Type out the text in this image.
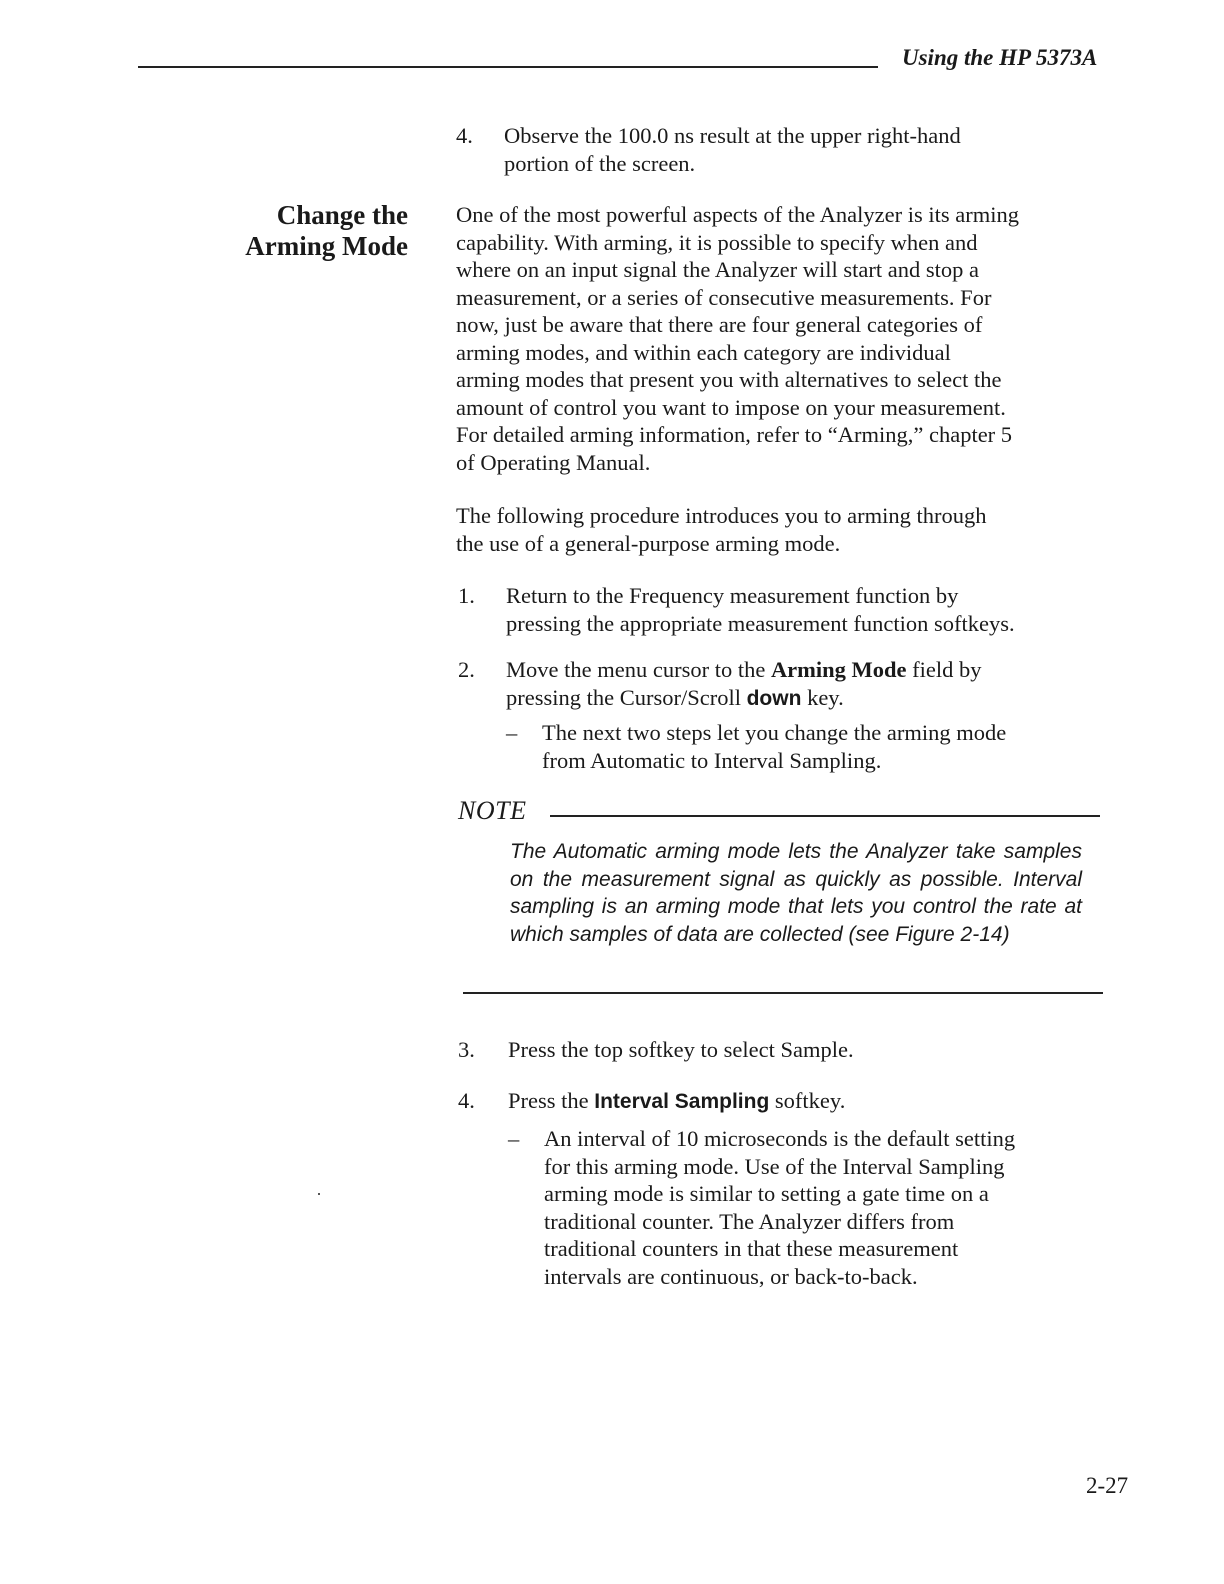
Using the HP 5373A
4. Observe the 100.0 ns result at the upper right-hand
portion of the screen.
Change the
Arming Mode
One of the most powerful aspects of the Analyzer is its arming
capability. With arming, it is possible to specify when and
where on an input signal the Analyzer will start and stop a
measurement, or a series of consecutive measurements. For
now, just be aware that there are four general categories of
arming modes, and within each category are individual
arming modes that present you with alternatives to select the
amount of control you want to impose on your measurement.
For detailed arming information, refer to “Arming,” chapter 5
of Operating Manual.
The following procedure introduces you to arming through
the use of a general-purpose arming mode.
1. Return to the Frequency measurement function by
pressing the appropriate measurement function softkeys.
2. Move the menu cursor to the Arming Mode field by
pressing the Cursor/Scroll down key.
– The next two steps let you change the arming mode
from Automatic to Interval Sampling.
NOTE
The Automatic arming mode lets the Analyzer take samples on the measurement signal as quickly as possible. Interval sampling is an arming mode that lets you control the rate at which samples of data are collected (see Figure 2-14)
3. Press the top softkey to select Sample.
4. Press the Interval Sampling softkey.
– An interval of 10 microseconds is the default setting
for this arming mode. Use of the Interval Sampling
arming mode is similar to setting a gate time on a
traditional counter. The Analyzer differs from
traditional counters in that these measurement
intervals are continuous, or back-to-back.
2-27
